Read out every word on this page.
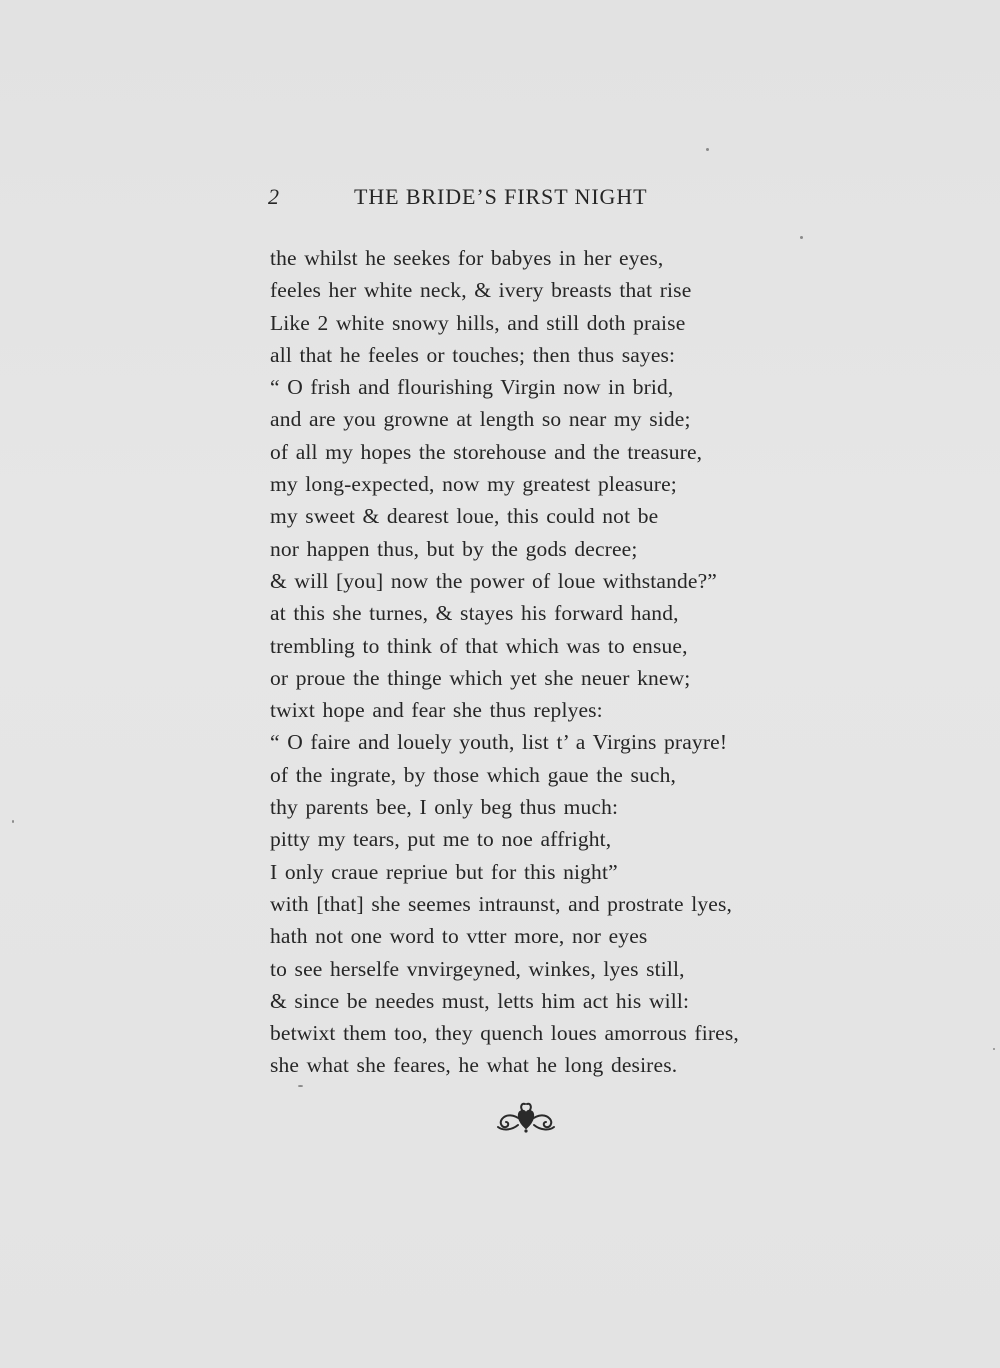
2	THE BRIDE’S FIRST NIGHT
the whilst he seekes for babyes in her eyes,
feeles her white neck, & ivery breasts that rise
Like 2 white snowy hills, and still doth praise
all that he feeles or touches; then thus sayes:
“ O frish and flourishing Virgin now in brid,
and are you growne at length so near my side;
of all my hopes the storehouse and the treasure,
my long-expected, now my greatest pleasure;
my sweet & dearest loue, this could not be
nor happen thus, but by the gods decree;
& will [you] now the power of loue withstande?”
at this she turnes, & stayes his forward hand,
trembling to think of that which was to ensue,
or proue the thinge which yet she neuer knew;
twixt hope and fear she thus replyes:
“ O faire and louely youth, list t’ a Virgins prayre!
of the ingrate, by those which gaue the such,
thy parents bee, I only beg thus much:
pitty my tears, put me to noe affright,
I only craue repriue but for this night”
with [that] she seemes intraunst, and prostrate lyes,
hath not one word to vtter more, nor eyes
to see herselfe vnvirgeyned, winkes, lyes still,
& since be needes must, letts him act his will:
betwixt them too, they quench loues amorrous fires,
she what she feares, he what he long desires.
